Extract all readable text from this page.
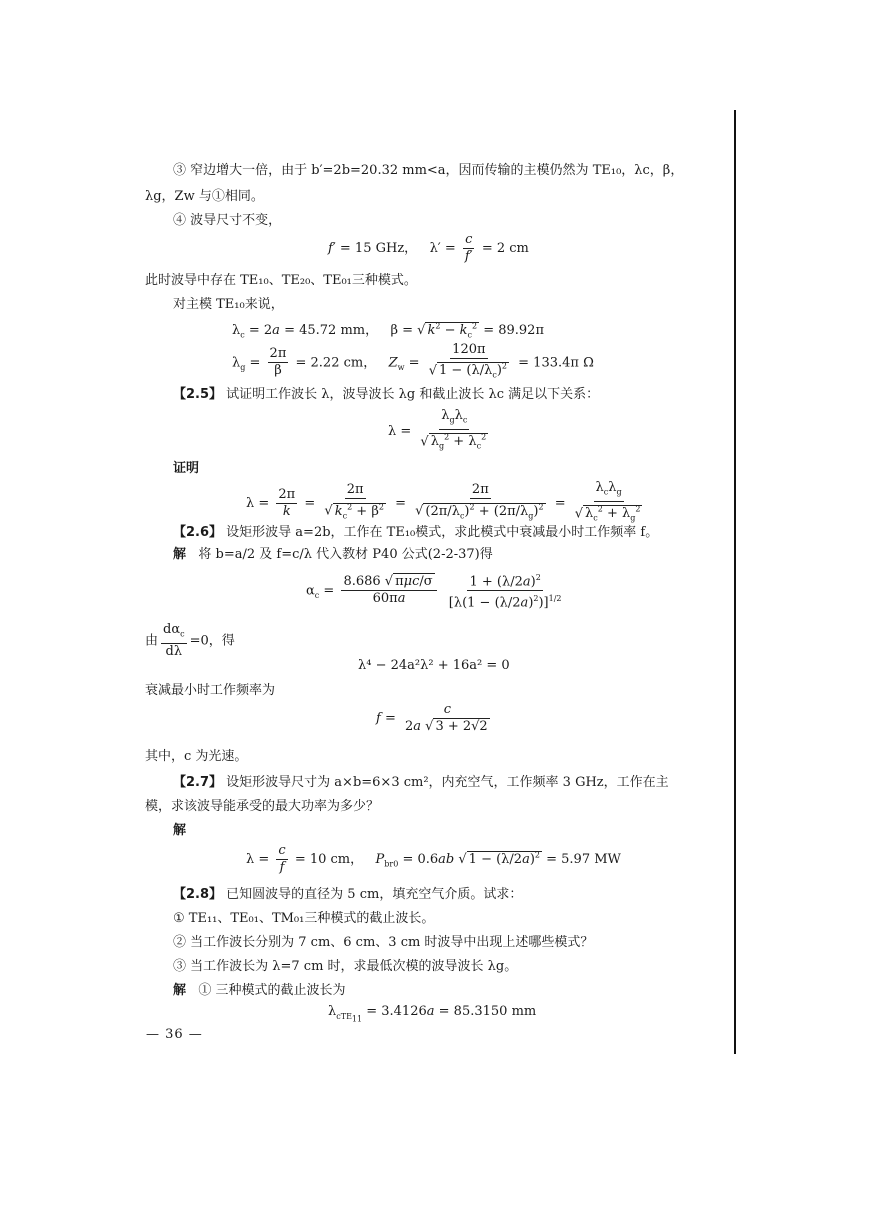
③ 窄边增大一倍，由于 b′=2b=20.32 mm<a，因而传输的主模仍然为 TE₁₀，λc，β，
λg，Zw 与①相同。
④ 波导尺寸不变，
f′ = 15 GHz，   $\lambda' = \frac{c}{f'} = 2$ cm
此时波导中存在 TE₁₀、TE₂₀、TE₀₁三种模式。
对主模 TE₁₀来说，
$\lambda_c = 2a = 45.72$ mm，   β = √ $k^2 - k_c^2 = 89.92\pi$
$\lambda_g = \frac{2\pi}{\beta} = 2.22$ cm，   $Z_w = \frac{120\pi}{√ 1 - (\lambda/\lambda_c)^2} = 133.4\pi$ Ω
【2.5】 试证明工作波长 λ，波导波长 λg 和截止波长 λc 满足以下关系：
$\lambda = \frac{\lambda_g\lambda_c}{√ \lambda_g^2 + \lambda_c^2}$
证明
$\lambda = \frac{2\pi}{k} = \frac{2\pi}{√ k_c^2 + \beta^2} = \frac{2\pi}{√ (2\pi/\lambda_c)^2 + (2\pi/\lambda_g)^2} = \frac{\lambda_c\lambda_g}{√ \lambda_c^2 + \lambda_g^2}$
【2.6】 设矩形波导 a=2b，工作在 TE₁₀模式，求此模式中衰减最小时工作频率 f。
解 将 b=a/2 及 f=c/λ 代入教材 P40 公式(2-2-37)得
$\alpha_c = \frac{\text{8.686 √ πμc/σ}}{60\pi a}$
$\frac{1 + (\lambda/2a)^2}{[\lambda(1 - (\lambda/2a)^2)]^{1/2}}$
由 $\frac{d\alpha_c}{d\lambda} =0$，得
λ⁴ − 24a²λ² + 16a² = 0
衰减最小时工作频率为
$f = \frac{c}{2a √ 3 + 2√2}$
其中，c 为光速。
【2.7】 设矩形波导尺寸为 a×b=6×3 cm²，内充空气，工作频率 3 GHz，工作在主
模，求该波导能承受的最大功率为多少？
解
$\lambda = \frac{c}{f} = 10$ cm，   $P_{br0} = 0.6ab$ √ $1 - (\lambda/2a)^2 = 5.97$ MW
【2.8】 已知圆波导的直径为 5 cm，填充空气介质。试求：
① TE₁₁、TE₀₁、TM₀₁三种模式的截止波长。
② 当工作波长分别为 7 cm、6 cm、3 cm 时波导中出现上述哪些模式？
③ 当工作波长为 λ=7 cm 时，求最低次模的波导波长 λg。
解 ① 三种模式的截止波长为
$\lambda_{cTE_{11}} = 3.4126a = 85.3150$ mm
— 36 —
